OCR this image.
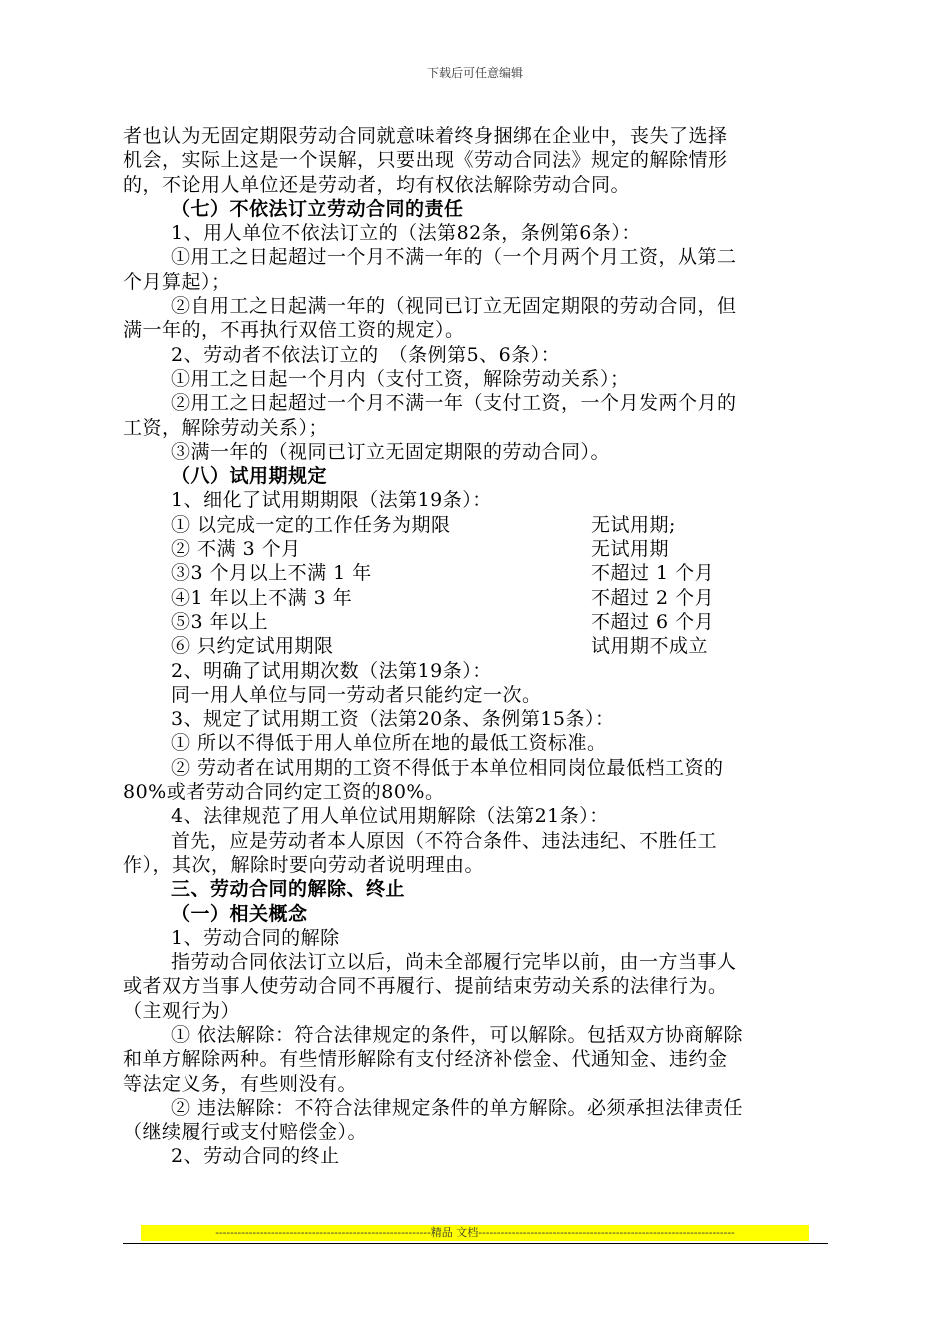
下载后可任意编辑

者也认为无固定期限劳动合同就意味着终身捆绑在企业中，丧失了选择

机会，实际上这是一个误解，只要出现《劳动合同法》规定的解除情形

的，不论用人单位还是劳动者，均有权依法解除劳动合同。

（七）不依法订立劳动合同的责任

1、用人单位不依法订立的（法第82条，条例第6条）：

①用工之日起超过一个月不满一年的（一个月两个月工资，从第二

个月算起）；

②自用工之日起满一年的（视同已订立无固定期限的劳动合同，但

满一年的，不再执行双倍工资的规定）。

2、劳动者不依法订立的　（条例第5、6条）：

①用工之日起一个月内（支付工资，解除劳动关系）；

②用工之日起超过一个月不满一年（支付工资，一个月发两个月的

工资，解除劳动关系）；

③满一年的（视同已订立无固定期限的劳动合同）。

（八）试用期规定

1、细化了试用期期限（法第19条）：

① 以完成一定的工作任务为期限	无试用期;
② 不满 3 个月	无试用期
③3 个月以上不满 1 年	不超过 1 个月
④1 年以上不满 3 年	不超过 2 个月
⑤3 年以上	不超过 6 个月
⑥ 只约定试用期限	试用期不成立

2、明确了试用期次数（法第19条）：

同一用人单位与同一劳动者只能约定一次。

3、规定了试用期工资（法第20条、条例第15条）：

① 所以不得低于用人单位所在地的最低工资标准。

② 劳动者在试用期的工资不得低于本单位相同岗位最低档工资的

80%或者劳动合同约定工资的80%。

4、法律规范了用人单位试用期解除（法第21条）：

首先，应是劳动者本人原因（不符合条件、违法违纪、不胜任工

作），其次，解除时要向劳动者说明理由。

三、劳动合同的解除、终止

（一）相关概念

1、劳动合同的解除

指劳动合同依法订立以后，尚未全部履行完毕以前，由一方当事人

或者双方当事人使劳动合同不再履行、提前结束劳动关系的法律行为。

（主观行为）

① 依法解除：符合法律规定的条件，可以解除。包括双方协商解除

和单方解除两种。有些情形解除有支付经济补偿金、代通知金、违约金

等法定义务，有些则没有。

② 违法解除：不符合法律规定条件的单方解除。必须承担法律责任

（继续履行或支付赔偿金）。

2、劳动合同的终止

----------------------------------------------------------精品 文档---------------------------------------------------------------------
